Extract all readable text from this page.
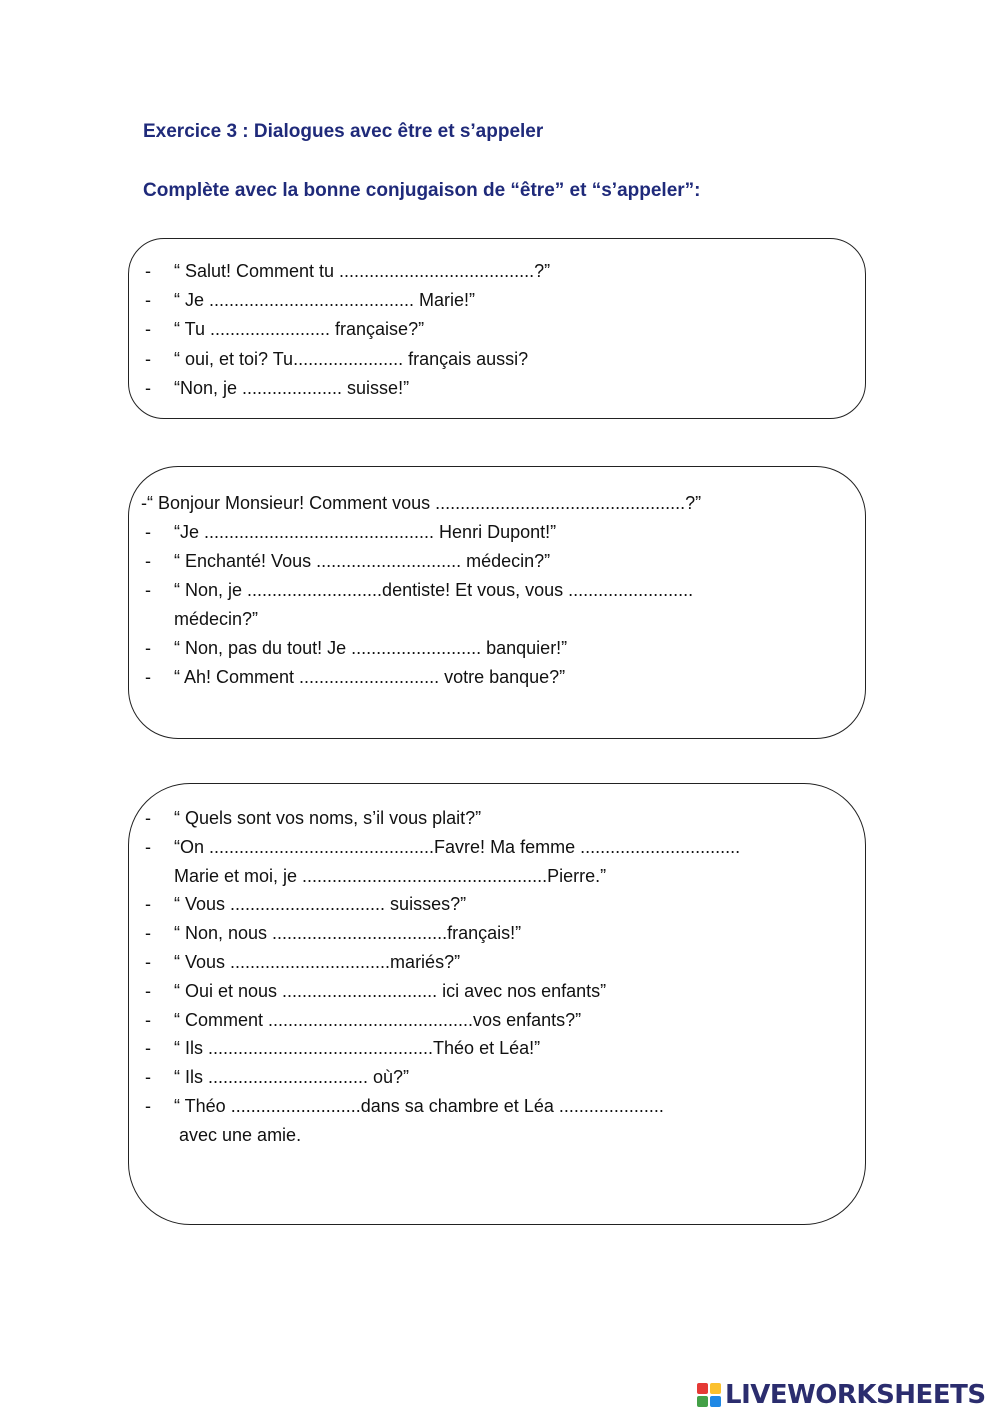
Exercice 3 : Dialogues avec être et s’appeler
Complète avec la bonne conjugaison de “être” et “s’appeler”:
- “ Salut! Comment tu .......................................?”
- “ Je ......................................... Marie!”
- “ Tu ........................ française?”
- “ oui, et toi? Tu...................... français aussi?
- “Non, je .................... suisse!”
-“ Bonjour Monsieur! Comment vous ..................................................?”
- “Je .............................................. Henri Dupont!”
- “ Enchanté! Vous ............................. médecin?”
- “ Non, je ...........................dentiste! Et vous, vous .........................
médecin?”
- “ Non, pas du tout! Je .......................... banquier!”
- “ Ah! Comment ............................ votre banque?”
- “ Quels sont vos noms, s’il vous plait?”
- “On .............................................Favre! Ma femme ................................
Marie et moi, je .................................................Pierre.”
- “ Vous ............................... suisses?”
- “ Non, nous ...................................français!”
- “ Vous ................................mariés?”
- “ Oui et nous ............................... ici avec nos enfants”
- “ Comment .........................................vos enfants?”
- “ Ils .............................................Théo et Léa!”
- “ Ils ................................ où?”
- “ Théo ..........................dans sa chambre et Léa .....................
avec une amie.
LIVEWORKSHEETS
